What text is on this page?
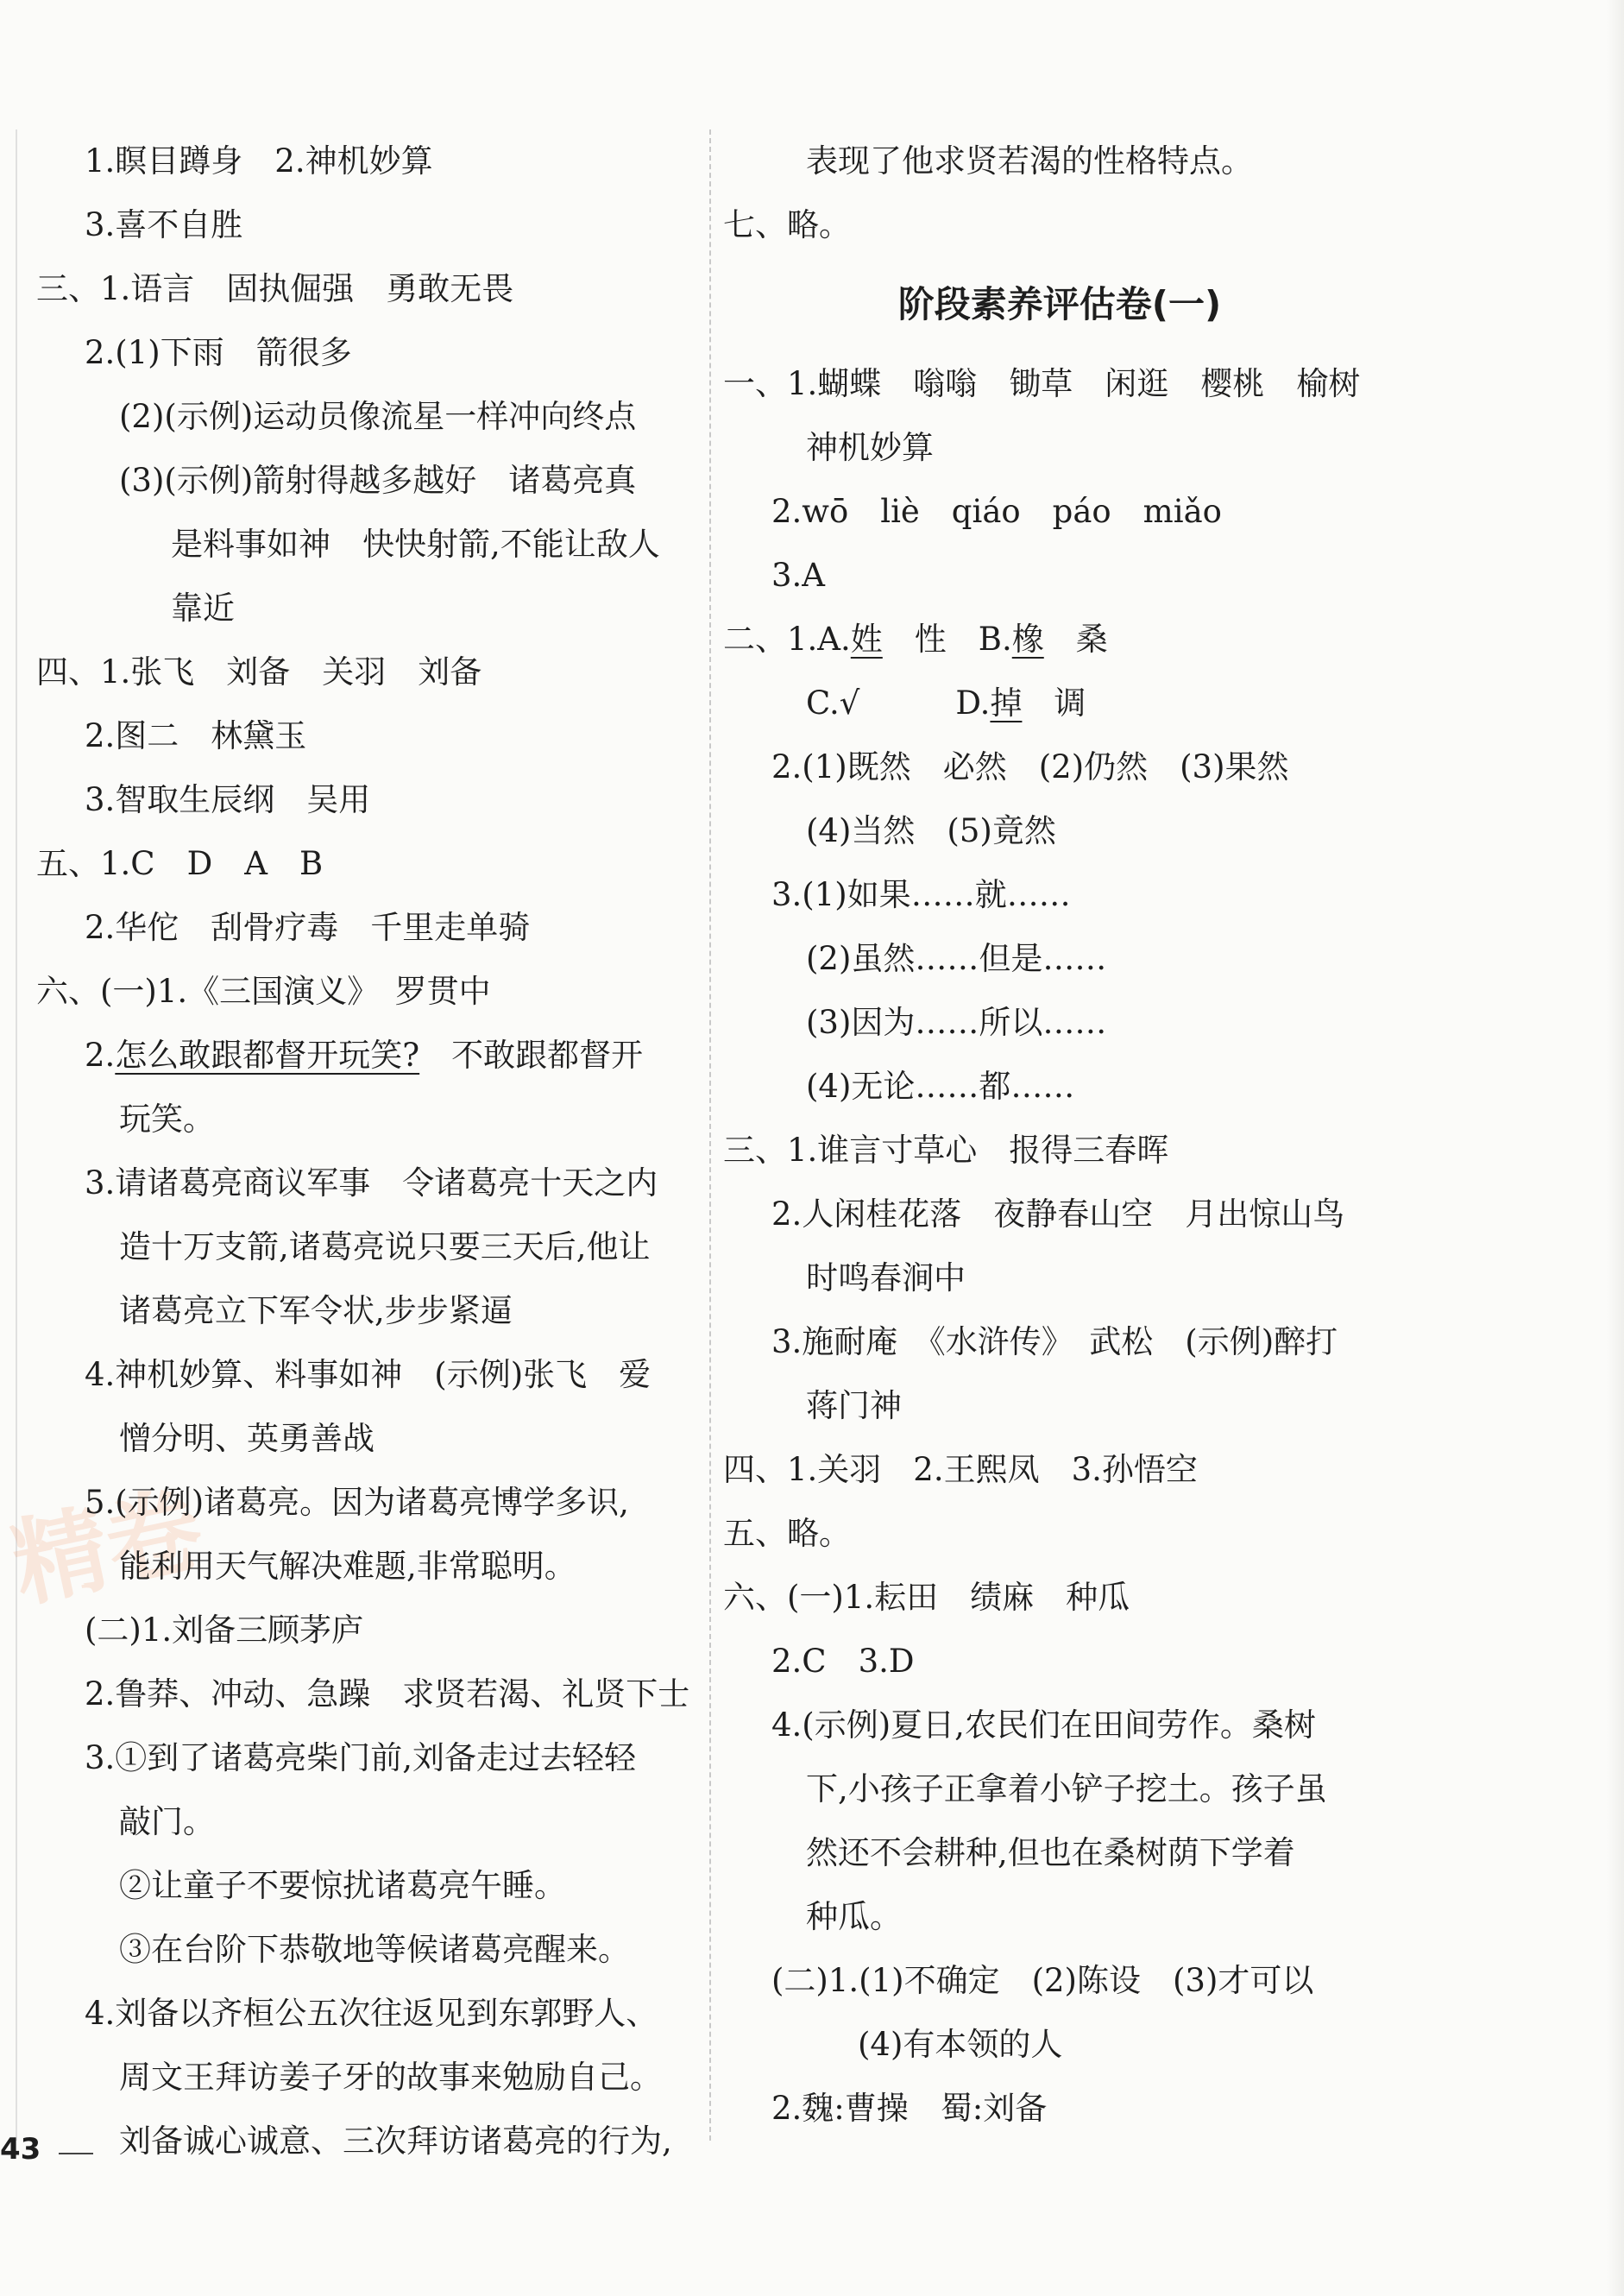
精卷
1.瞑目蹲身　2.神机妙算
3.喜不自胜
三、1.语言　固执倔强　勇敢无畏
2.(1)下雨　箭很多
(2)(示例)运动员像流星一样冲向终点
(3)(示例)箭射得越多越好　诸葛亮真
是料事如神　快快射箭,不能让敌人
靠近
四、1.张飞　刘备　关羽　刘备
2.图二　林黛玉
3.智取生辰纲　吴用
五、1.C　D　A　B
2.华佗　刮骨疗毒　千里走单骑
六、(一)1.《三国演义》　罗贯中
2.怎么敢跟都督开玩笑?　不敢跟都督开
玩笑。
3.请诸葛亮商议军事　令诸葛亮十天之内
造十万支箭,诸葛亮说只要三天后,他让
诸葛亮立下军令状,步步紧逼
4.神机妙算、料事如神　(示例)张飞　爱
憎分明、英勇善战
5.(示例)诸葛亮。因为诸葛亮博学多识,
能利用天气解决难题,非常聪明。
(二)1.刘备三顾茅庐
2.鲁莽、冲动、急躁　求贤若渴、礼贤下士
3.①到了诸葛亮柴门前,刘备走过去轻轻
敲门。
②让童子不要惊扰诸葛亮午睡。
③在台阶下恭敬地等候诸葛亮醒来。
4.刘备以齐桓公五次往返见到东郭野人、
周文王拜访姜子牙的故事来勉励自己。
刘备诚心诚意、三次拜访诸葛亮的行为,
表现了他求贤若渴的性格特点。
七、略。
阶段素养评估卷(一)
一、1.蝴蝶　嗡嗡　锄草　闲逛　樱桃　榆树
神机妙算
2.wō　liè　qiáo　páo　miǎo
3.A
二、1.A.姓　性　B.橡　桑
C.√　　　D.掉　调
2.(1)既然　必然　(2)仍然　(3)果然
(4)当然　(5)竟然
3.(1)如果……就……
(2)虽然……但是……
(3)因为……所以……
(4)无论……都……
三、1.谁言寸草心　报得三春晖
2.人闲桂花落　夜静春山空　月出惊山鸟
时鸣春涧中
3.施耐庵　《水浒传》　武松　(示例)醉打
蒋门神
四、1.关羽　2.王熙凤　3.孙悟空
五、略。
六、(一)1.耘田　绩麻　种瓜
2.C　3.D
4.(示例)夏日,农民们在田间劳作。桑树
下,小孩子正拿着小铲子挖土。孩子虽
然还不会耕种,但也在桑树荫下学着
种瓜。
(二)1.(1)不确定　(2)陈设　(3)才可以
(4)有本领的人
2.魏:曹操　蜀:刘备
43
